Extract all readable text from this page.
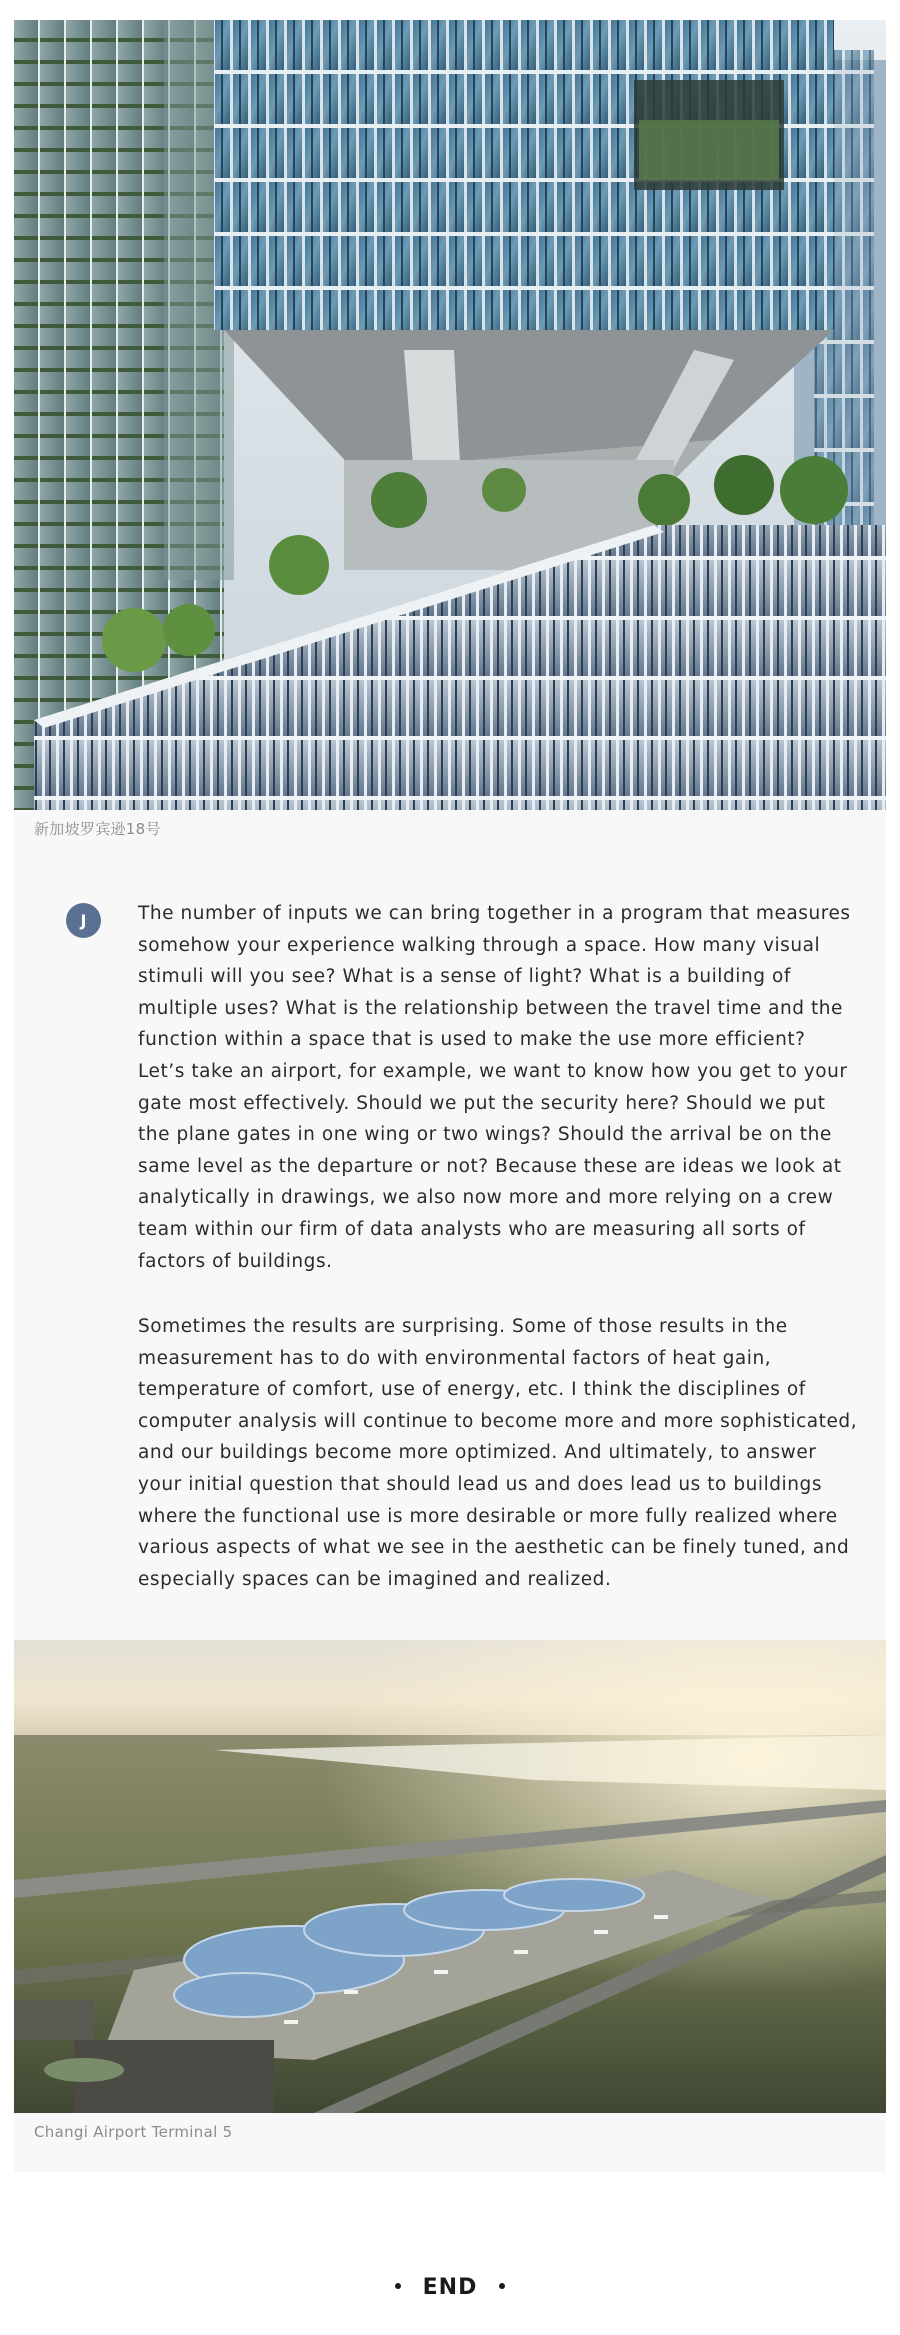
新加坡罗宾逊18号
J	The number of inputs we can bring together in a program that measures somehow your experience walking through a space. How many visual stimuli will you see? What is a sense of light? What is a building of multiple uses? What is the relationship between the travel time and the function within a space that is used to make the use more efficient? Let’s take an airport, for example, we want to know how you get to your gate most effectively. Should we put the security here? Should we put the plane gates in one wing or two wings? Should the arrival be on the same level as the departure or not? Because these are ideas we look at analytically in drawings, we also now more and more relying on a crew team within our firm of data analysts who are measuring all sorts of factors of buildings.

Sometimes the results are surprising. Some of those results in the measurement has to do with environmental factors of heat gain, temperature of comfort, use of energy, etc. I think the disciplines of computer analysis will continue to become more and more sophisticated, and our buildings become more optimized. And ultimately, to answer your initial question that should lead us and does lead us to buildings where the functional use is more desirable or more fully realized where various aspects of what we see in the aesthetic can be finely tuned, and especially spaces can be imagined and realized.

Changi Airport Terminal 5
END
